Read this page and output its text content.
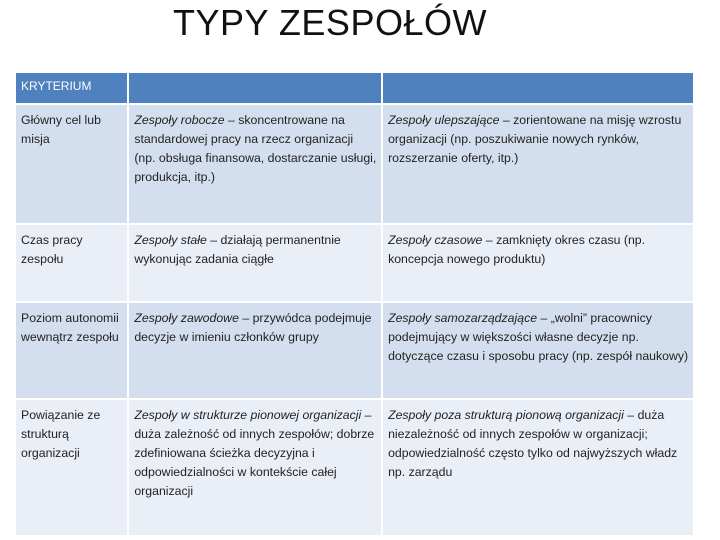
TYPY ZESPOŁÓW
KRYTERIUM		
Główny cel lub misja	Zespoły robocze – skoncentrowane na standardowej pracy na rzecz organizacji (np. obsługa finansowa, dostarczanie usługi, produkcja, itp.)	Zespoły ulepszające – zorientowane na misję wzrostu organizacji (np. poszukiwanie nowych rynków, rozszerzanie oferty, itp.)
Czas pracy zespołu	Zespoły stałe – działają permanentnie wykonując zadania ciągłe	Zespoły czasowe – zamknięty okres czasu (np. koncepcja nowego produktu)
Poziom autonomii wewnątrz zespołu	Zespoły zawodowe – przywódca podejmuje decyzje w imieniu członków grupy	Zespoły samozarządzające – „wolni” pracownicy podejmujący w większości własne decyzje np. dotyczące czasu i sposobu pracy (np. zespół naukowy)
Powiązanie ze strukturą organizacji	Zespoły w strukturze pionowej organizacji – duża zależność od innych zespołów; dobrze zdefiniowana ścieżka decyzyjna i odpowiedzialności w kontekście całej organizacji	Zespoły poza strukturą pionową organizacji – duża niezależność od innych zespołów w organizacji; odpowiedzialność często tylko od najwyższych władz np. zarządu
